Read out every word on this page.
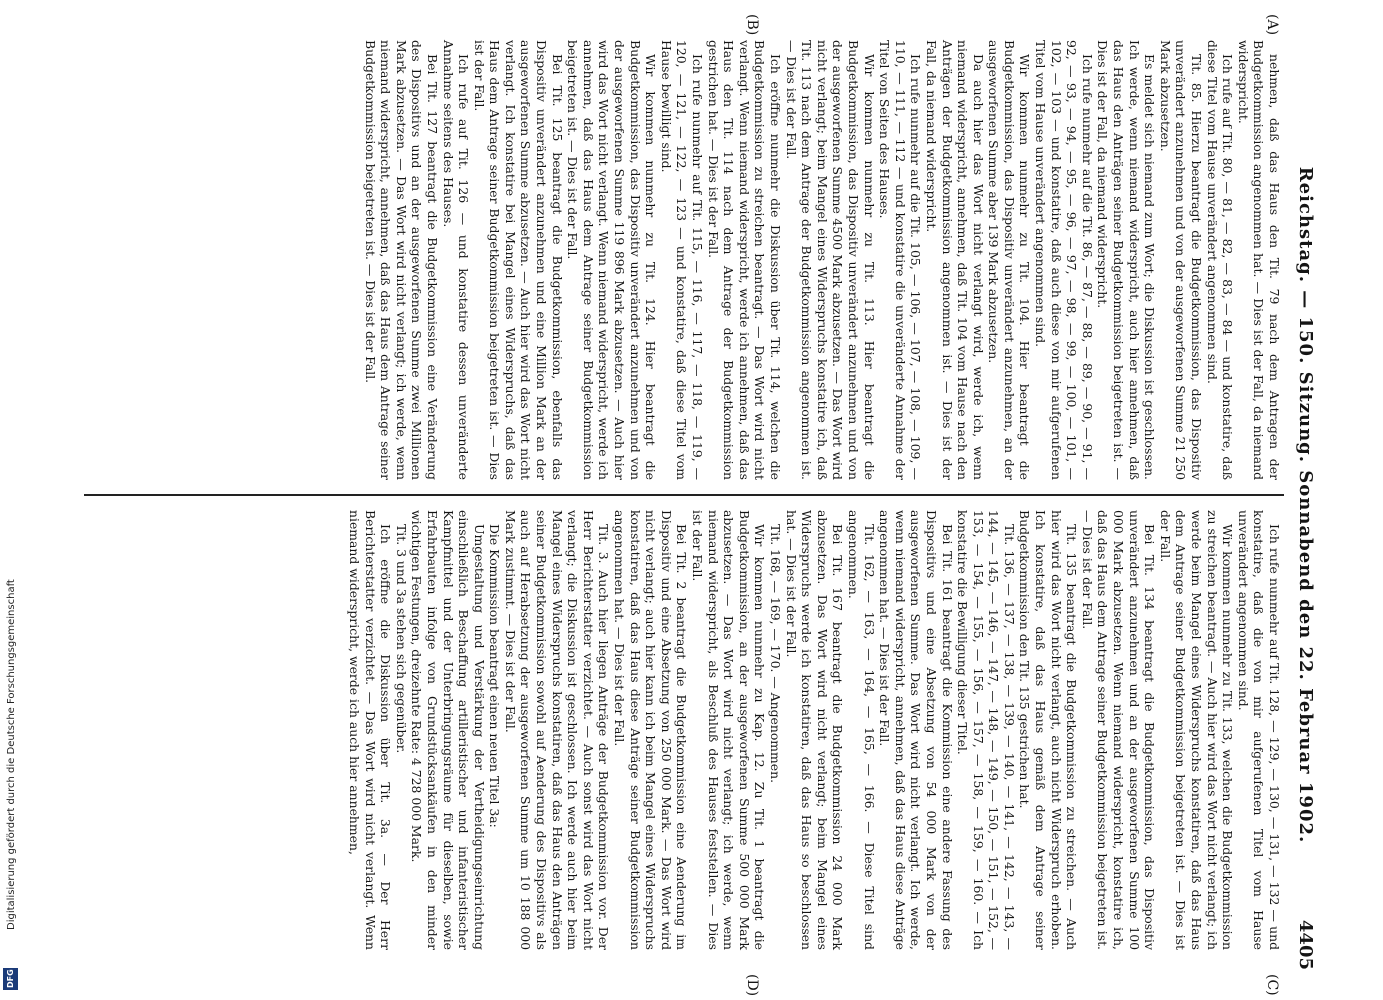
Digitalisierung gefördert durch die Deutsche Forschungsgemeinschaft
DFG
Reichstag. — 150. Sitzung. Sonnabend den 22. Februar 1902.
4405
(A)
(B)
(C)
(D)

nehmen, daß das Haus den Tit. 79 nach dem Antragen der Budgetkommission angenommen hat. — Dies ist der Fall, da niemand widerspricht.

Ich rufe auf Tit. 80, — 81, — 82, — 83, — 84 — und konstatire, daß diese Titel vom Hause unverändert angenommen sind.

Tit. 85. Hierzu beantragt die Budgetkommission, das Dispositiv unverändert anzunehmen und von der ausgeworfenen Summe 21 250 Mark abzusetzen.

Es meldet sich niemand zum Wort; die Diskussion ist geschlossen. Ich werde, wenn niemand widerspricht, auch hier annehmen, daß das Haus den Anträgen seiner Budgetkommission beigetreten ist. — Dies ist der Fall, da niemand widerspricht.

Ich rufe nunmehr auf die Tit. 86, — 87, — 88, — 89, — 90, — 91, — 92, — 93, — 94, — 95, — 96, — 97, — 98, — 99, — 100, — 101, — 102, — 103 — und konstatire, daß auch diese von mir aufgerufenen Titel vom Hause unverändert angenommen sind.

Wir kommen nunmehr zu Tit. 104. Hier beantragt die Budgetkommission, das Dispositiv unverändert anzunehmen, an der ausgeworfenen Summe aber 139 Mark abzusetzen.

Da auch hier das Wort nicht verlangt wird, werde ich, wenn niemand widerspricht, annehmen, daß Tit. 104 vom Hause nach den Anträgen der Budgetkommission angenommen ist. — Dies ist der Fall, da niemand widerspricht.

Ich rufe nunmehr auf die Tit. 105, — 106, — 107, — 108, — 109, — 110, — 111, — 112 — und konstatire die unveränderte Annahme der Titel von Seiten des Hauses.

Wir kommen nunmehr zu Tit. 113. Hier beantragt die Budgetkommission, das Dispositiv unverändert anzunehmen und von der ausgeworfenen Summe 4500 Mark abzusetzen. — Das Wort wird nicht verlangt; beim Mangel eines Widerspruchs konstatire ich, daß Tit. 113 nach dem Antrage der Budgetkommission angenommen ist. — Dies ist der Fall.

Ich eröffne nunmehr die Diskussion über Tit. 114, welchen die Budgetkommission zu streichen beantragt. — Das Wort wird nicht verlangt. Wenn niemand widerspricht, werde ich annehmen, daß das Haus den Tit. 114 nach dem Antrage der Budgetkommission gestrichen hat. — Dies ist der Fall.

Ich rufe nunmehr auf Tit. 115, — 116, — 117, — 118, — 119, — 120, — 121, — 122, — 123 — und konstatire, daß diese Titel vom Hause bewilligt sind.

Wir kommen nunmehr zu Tit. 124. Hier beantragt die Budgetkommission, das Dispositiv unverändert anzunehmen und von der ausgeworfenen Summe 119 896 Mark abzusetzen. — Auch hier wird das Wort nicht verlangt. Wenn niemand widerspricht, werde ich annehmen, daß das Haus dem Antrage seiner Budgetkommission beigetreten ist. — Dies ist der Fall.

Bei Tit. 125 beantragt die Budgetkommission, ebenfalls das Dispositiv unverändert anzunehmen und eine Million Mark an der ausgeworfenen Summe abzusetzen. — Auch hier wird das Wort nicht verlangt. Ich konstatire bei Mangel eines Widerspruchs, daß das Haus dem Antrage seiner Budgetkommission beigetreten ist. — Dies ist der Fall.

Ich rufe auf Tit. 126 — und konstatire dessen unveränderte Annahme seitens des Hauses.

Bei Tit. 127 beantragt die Budgetkommission eine Veränderung des Dispositivs und an der ausgeworfenen Summe zwei Millionen Mark abzusetzen. — Das Wort wird nicht verlangt; ich werde, wenn niemand widerspricht, annehmen, daß das Haus dem Antrage seiner Budgetkommission beigetreten ist. — Dies ist der Fall.

Ich rufe nunmehr auf Tit. 128, — 129, — 130, — 131, — 132 — und konstatire, daß die von mir aufgerufenen Titel vom Hause unverändert angenommen sind.

Wir kommen nunmehr zu Tit. 133, welchen die Budgetkommission zu streichen beantragt. — Auch hier wird das Wort nicht verlangt; ich werde beim Mangel eines Widerspruchs konstatiren, daß das Haus dem Antrage seiner Budgetkommission beigetreten ist. — Dies ist der Fall.

Bei Tit. 134 beantragt die Budgetkommission, das Dispositiv unverändert anzunehmen und an der ausgeworfenen Summe 100 000 Mark abzusetzen. Wenn niemand widerspricht, konstatire ich, daß das Haus dem Antrage seiner Budgetkommission beigetreten ist. — Dies ist der Fall.

Tit. 135 beantragt die Budgetkommission zu streichen. — Auch hier wird das Wort nicht verlangt, auch nicht Widerspruch erhoben. Ich konstatire, daß das Haus gemäß dem Antrage seiner Budgetkommission den Tit. 135 gestrichen hat.

Tit. 136, — 137, — 138, — 139, — 140, — 141, — 142, — 143, — 144, — 145, — 146, — 147, — 148, — 149, — 150, — 151, — 152, — 153, — 154, — 155, — 156, — 157, — 158, — 159, — 160. — Ich konstatire die Bewilligung dieser Titel.

Bei Tit. 161 beantragt die Kommission eine andere Fassung des Dispositivs und eine Absetzung von 54 000 Mark von der ausgeworfenen Summe. Das Wort wird nicht verlangt. Ich werde, wenn niemand widerspricht, annehmen, daß das Haus diese Anträge angenommen hat. — Dies ist der Fall.

Tit. 162, — 163, — 164, — 165, — 166. — Diese Titel sind angenommen.

Bei Tit. 167 beantragt die Budgetkommission 24 000 Mark abzusetzen. Das Wort wird nicht verlangt; beim Mangel eines Widerspruchs werde ich konstatiren, daß das Haus so beschlossen hat. — Dies ist der Fall.

Tit. 168, — 169, — 170. — Angenommen.

Wir kommen nunmehr zu Kap. 12. Zu Tit. 1 beantragt die Budgetkommission, an der ausgeworfenen Summe 500 000 Mark abzusetzen. — Das Wort wird nicht verlangt; ich werde, wenn niemand widerspricht, als Beschluß des Hauses feststellen. — Dies ist der Fall.

Bei Tit. 2 beantragt die Budgetkommission eine Aenderung im Dispositiv und eine Absetzung von 250 000 Mark. — Das Wort wird nicht verlangt; auch hier kann ich beim Mangel eines Widerspruchs konstatiren, daß das Haus diese Anträge seiner Budgetkommission angenommen hat. — Dies ist der Fall.

Tit. 3. Auch hier liegen Anträge der Budgetkommission vor. Der Herr Berichterstatter verzichtet. — Auch sonst wird das Wort nicht verlangt; die Diskussion ist geschlossen. Ich werde auch hier beim Mangel eines Widerspruchs konstatiren, daß das Haus den Anträgen seiner Budgetkommission sowohl auf Aenderung des Dispositivs als auch auf Herabsetzung der ausgeworfenen Summe um 10 188 000 Mark zustimmt. — Dies ist der Fall.

Die Kommission beantragt einen neuen Titel 3a:

Umgestaltung und Verstärkung der Vertheidigungseinrichtung einschließlich Beschaffung artilleristischer und infanteristischer Kampfmittel und der Unterbringungsräume für dieselben, sowie Erfahrbauten infolge von Grundstücksankäufen in den minder wichtigen Festungen, dreizehnte Rate: 4 728 000 Mark.

Tit. 3 und 3a stehen sich gegenüber.

Ich eröffne die Diskussion über Tit. 3a. — Der Herr Berichterstatter verzichtet. — Das Wort wird nicht verlangt. Wenn niemand widerspricht, werde ich auch hier annehmen,
